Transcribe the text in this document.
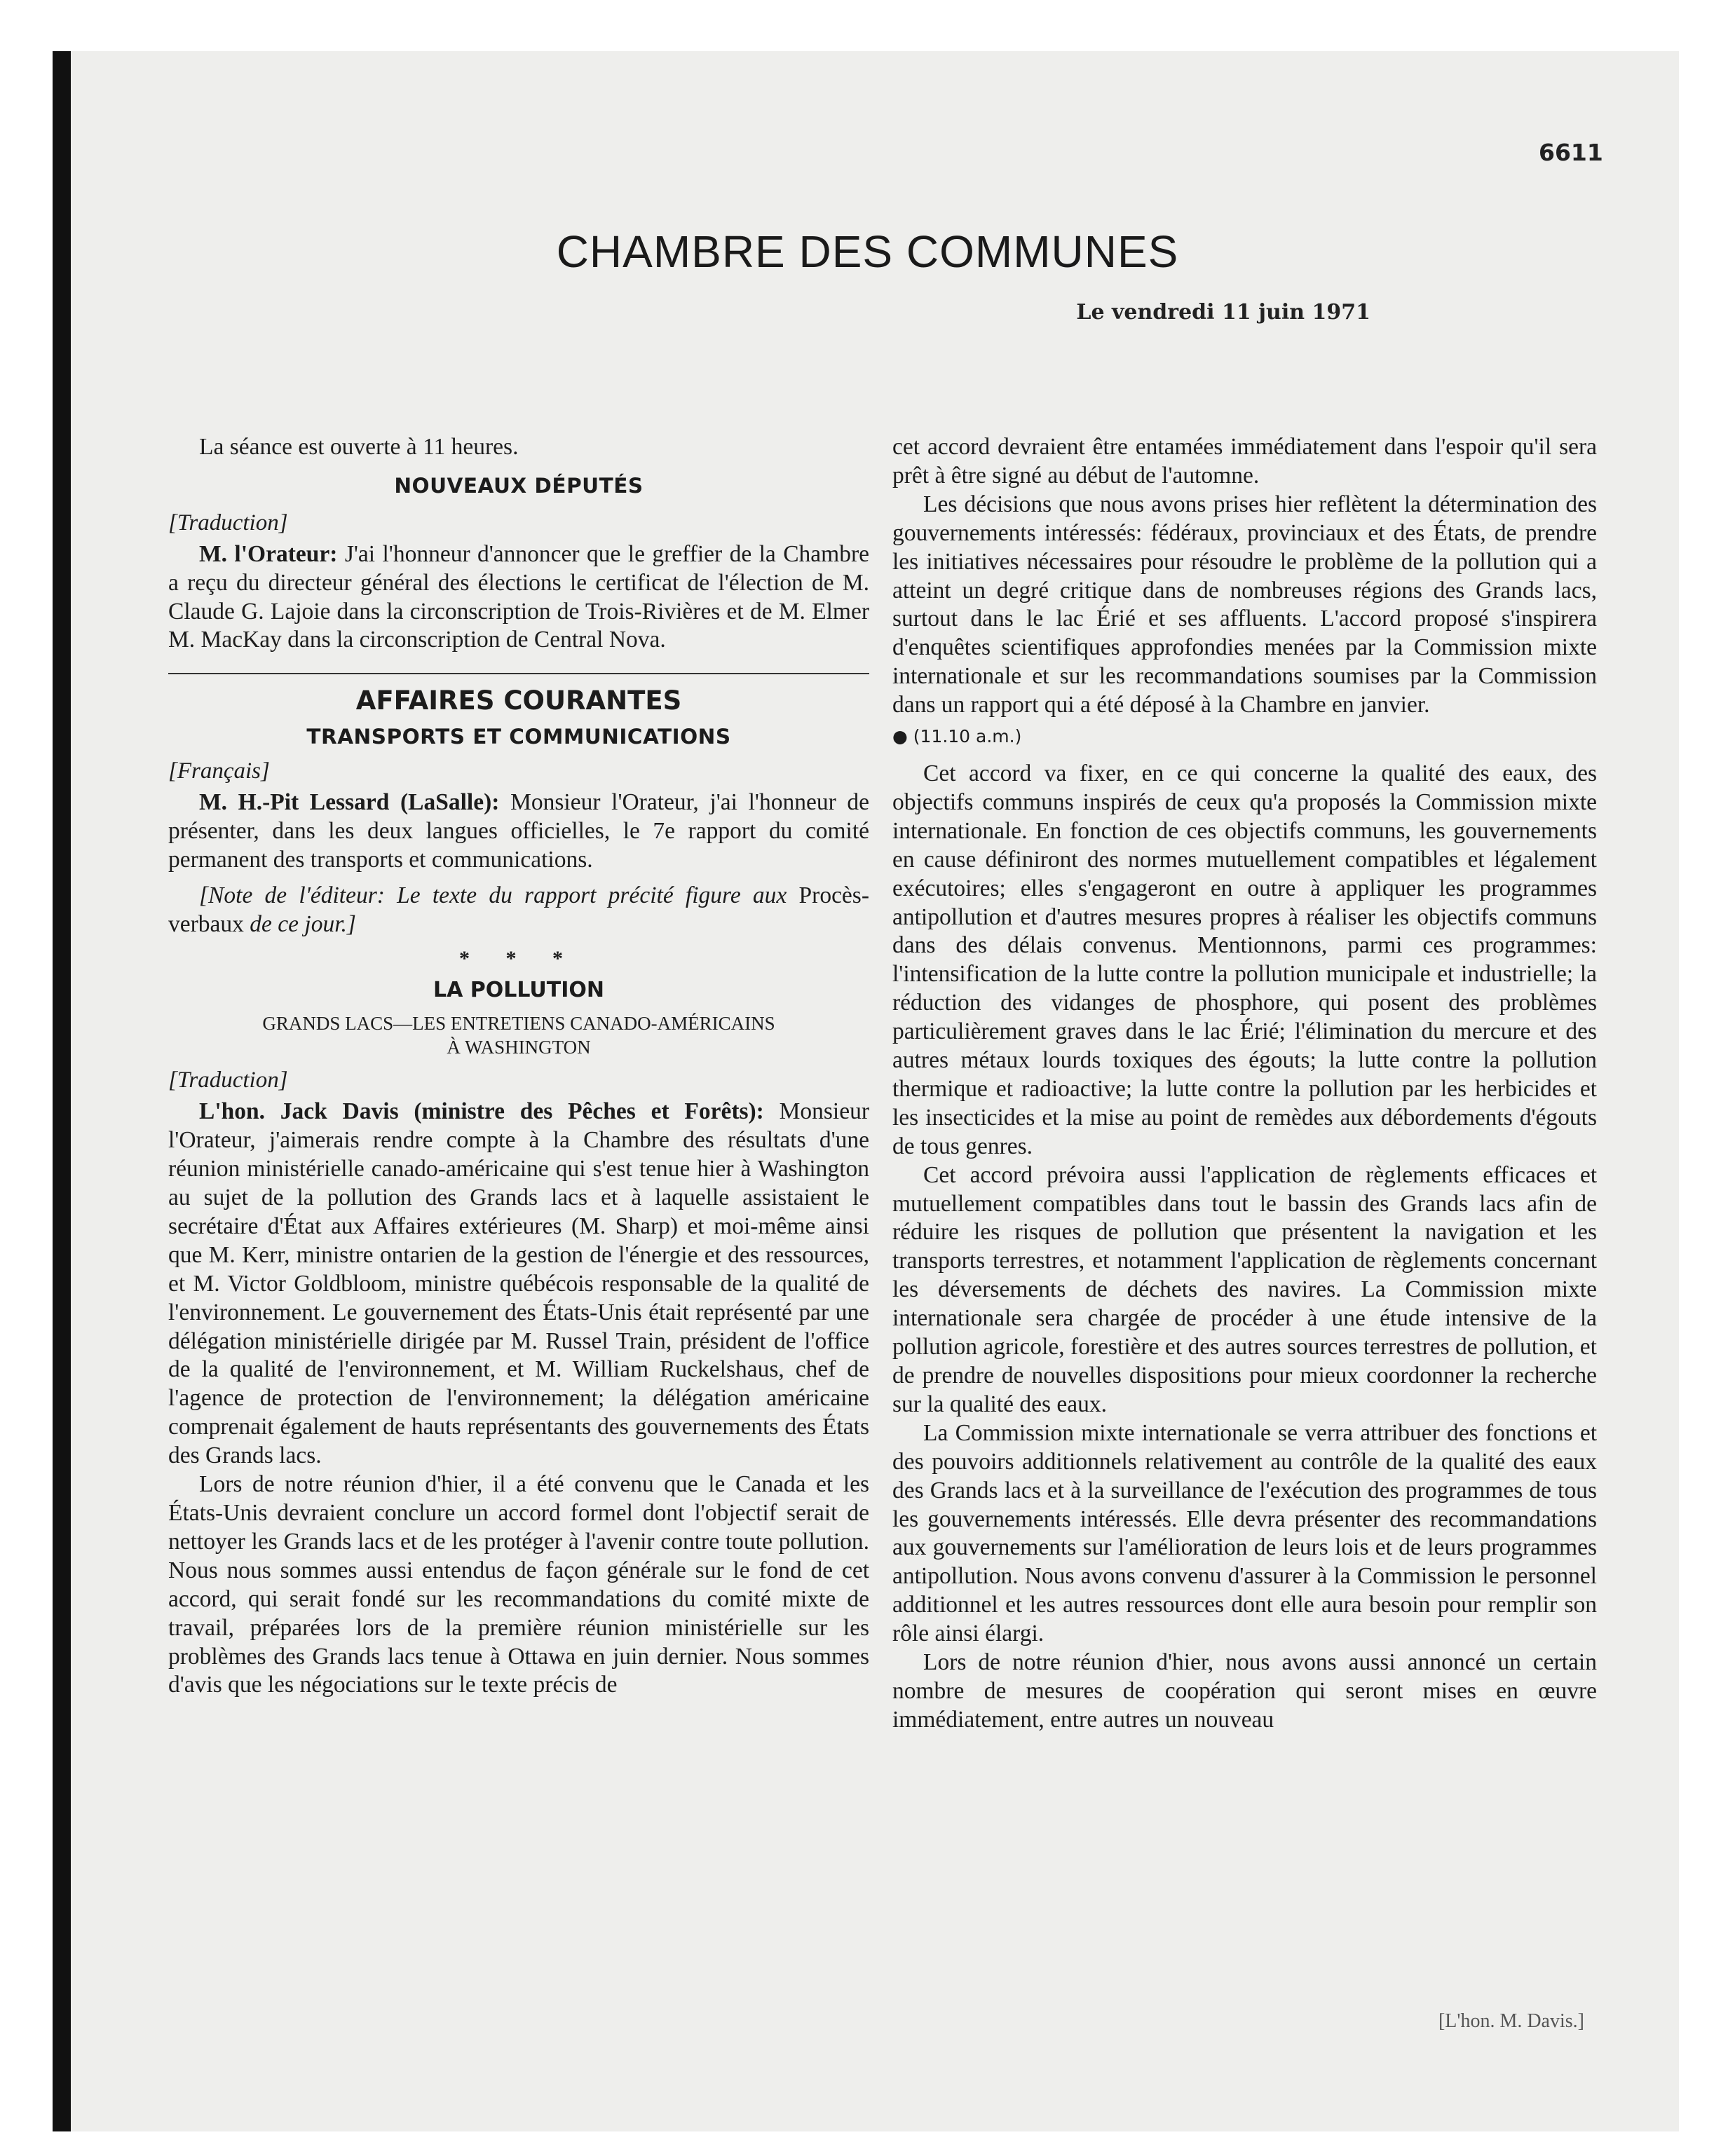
6611
CHAMBRE DES COMMUNES
Le vendredi 11 juin 1971

La séance est ouverte à 11 heures.

NOUVEAUX DÉPUTÉS
[Traduction]

M. l'Orateur: J'ai l'honneur d'annoncer que le greffier de la Chambre a reçu du directeur général des élections le certificat de l'élection de M. Claude G. Lajoie dans la circonscription de Trois-Rivières et de M. Elmer M. MacKay dans la circonscription de Central Nova.

AFFAIRES COURANTES
TRANSPORTS ET COMMUNICATIONS
[Français]

M. H.-Pit Lessard (LaSalle): Monsieur l'Orateur, j'ai l'honneur de présenter, dans les deux langues officielles, le 7e rapport du comité permanent des transports et communications.

[Note de l'éditeur: Le texte du rapport précité figure aux Procès-verbaux de ce jour.]

* * *
LA POLLUTION
GRANDS LACS—LES ENTRETIENS CANADO-AMÉRICAINS
À WASHINGTON
[Traduction]

L'hon. Jack Davis (ministre des Pêches et Forêts): Monsieur l'Orateur, j'aimerais rendre compte à la Chambre des résultats d'une réunion ministérielle canado-américaine qui s'est tenue hier à Washington au sujet de la pollution des Grands lacs et à laquelle assistaient le secrétaire d'État aux Affaires extérieures (M. Sharp) et moi-même ainsi que M. Kerr, ministre ontarien de la gestion de l'énergie et des ressources, et M. Victor Goldbloom, ministre québécois responsable de la qualité de l'environnement. Le gouvernement des États-Unis était représenté par une délégation ministérielle dirigée par M. Russel Train, président de l'office de la qualité de l'environnement, et M. William Ruckelshaus, chef de l'agence de protection de l'environnement; la délégation américaine comprenait également de hauts représentants des gouvernements des États des Grands lacs.

Lors de notre réunion d'hier, il a été convenu que le Canada et les États-Unis devraient conclure un accord formel dont l'objectif serait de nettoyer les Grands lacs et de les protéger à l'avenir contre toute pollution. Nous nous sommes aussi entendus de façon générale sur le fond de cet accord, qui serait fondé sur les recommandations du comité mixte de travail, préparées lors de la première réunion ministérielle sur les problèmes des Grands lacs tenue à Ottawa en juin dernier. Nous sommes d'avis que les négociations sur le texte précis de

cet accord devraient être entamées immédiatement dans l'espoir qu'il sera prêt à être signé au début de l'automne.

Les décisions que nous avons prises hier reflètent la détermination des gouvernements intéressés: fédéraux, provinciaux et des États, de prendre les initiatives nécessaires pour résoudre le problème de la pollution qui a atteint un degré critique dans de nombreuses régions des Grands lacs, surtout dans le lac Érié et ses affluents. L'accord proposé s'inspirera d'enquêtes scientifiques approfondies menées par la Commission mixte internationale et sur les recommandations soumises par la Commission dans un rapport qui a été déposé à la Chambre en janvier.

● (11.10 a.m.)

Cet accord va fixer, en ce qui concerne la qualité des eaux, des objectifs communs inspirés de ceux qu'a proposés la Commission mixte internationale. En fonction de ces objectifs communs, les gouvernements en cause définiront des normes mutuellement compatibles et légalement exécutoires; elles s'engageront en outre à appliquer les programmes antipollution et d'autres mesures propres à réaliser les objectifs communs dans des délais convenus. Mentionnons, parmi ces programmes: l'intensification de la lutte contre la pollution municipale et industrielle; la réduction des vidanges de phosphore, qui posent des problèmes particulièrement graves dans le lac Érié; l'élimination du mercure et des autres métaux lourds toxiques des égouts; la lutte contre la pollution thermique et radioactive; la lutte contre la pollution par les herbicides et les insecticides et la mise au point de remèdes aux débordements d'égouts de tous genres.

Cet accord prévoira aussi l'application de règlements efficaces et mutuellement compatibles dans tout le bassin des Grands lacs afin de réduire les risques de pollution que présentent la navigation et les transports terrestres, et notamment l'application de règlements concernant les déversements de déchets des navires. La Commission mixte internationale sera chargée de procéder à une étude intensive de la pollution agricole, forestière et des autres sources terrestres de pollution, et de prendre de nouvelles dispositions pour mieux coordonner la recherche sur la qualité des eaux.

La Commission mixte internationale se verra attribuer des fonctions et des pouvoirs additionnels relativement au contrôle de la qualité des eaux des Grands lacs et à la surveillance de l'exécution des programmes de tous les gouvernements intéressés. Elle devra présenter des recommandations aux gouvernements sur l'amélioration de leurs lois et de leurs programmes antipollution. Nous avons convenu d'assurer à la Commission le personnel additionnel et les autres ressources dont elle aura besoin pour remplir son rôle ainsi élargi.

Lors de notre réunion d'hier, nous avons aussi annoncé un certain nombre de mesures de coopération qui seront mises en œuvre immédiatement, entre autres un nouveau

[L'hon. M. Davis.]
